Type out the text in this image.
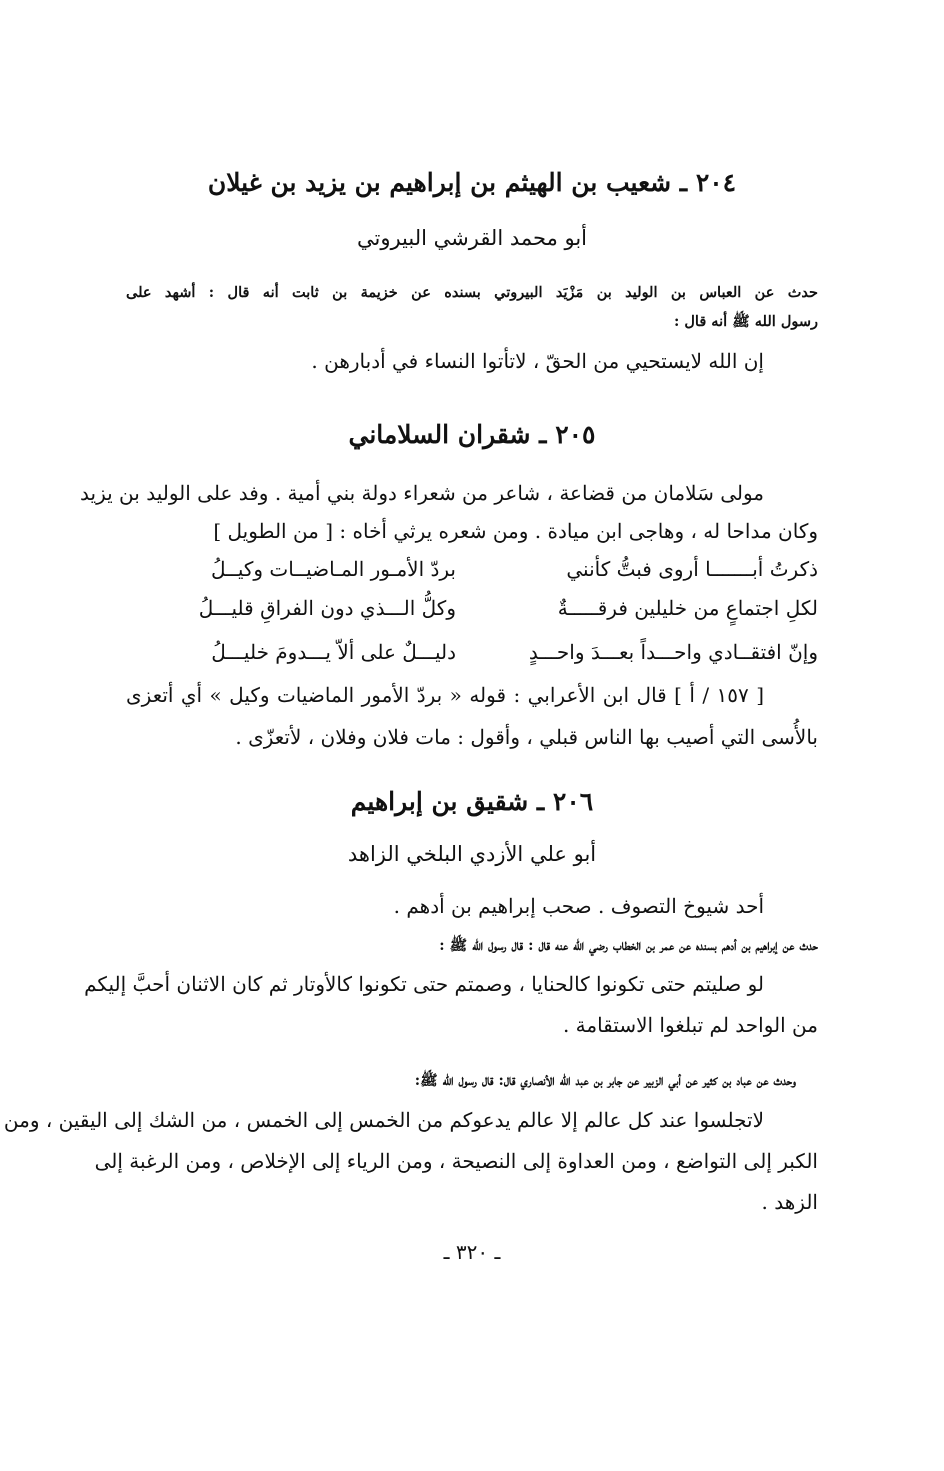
٢٠٤ ـ شعيب بن الهيثم بن إبراهيم بن يزيد بن غيلان
أبو محمد القرشي البيروتي
حدث عن العباس بن الوليد بن مَزْيَد البيروتي بسنده عن خزيمة بن ثابت أنه قال : أشهد على
رسول الله ﷺ أنه قال :
إن الله لايستحيي من الحقّ ، لاتأتوا النساء في أدبارهن .
٢٠٥ ـ شقران السلاماني
مولى سَلامان من قضاعة ، شاعر من شعراء دولة بني أمية . وفد على الوليد بن يزيد
وكان مداحا له ، وهاجى ابن ميادة . ومن شعره يرثي أخاه : [ من الطويل ]
ذكرتُ أبـــــــا أروى فبتُّ كأنني
بردّ الأمـور المـاضيــات وكيــلُ
لكلِ اجتماعٍ من خليلين فرقـــــةٌ
وكلُّ الـــذي دون الفراقِ قليـــلُ
وإنّ افتقــادي واحـــداً بعـــدَ واحـــدٍ
دليـــلٌ على ألاّ يـــدومَ خليـــلُ
[ ١٥٧ / أ ] قال ابن الأعرابي : قوله « بردّ الأمور الماضيات وكيل » أي أتعزى
بالأُسى التي أصيب بها الناس قبلي ، وأقول : مات فلان وفلان ، لأتعزّى .
٢٠٦ ـ شقيق بن إبراهيم
أبو علي الأزدي البلخي الزاهد
أحد شيوخ التصوف . صحب إبراهيم بن أدهم .
حدث عن إبراهيم بن أدهم بسنده عن عمر بن الخطاب رضي الله عنه قال : قال رسول الله ﷺ :
لو صليتم حتى تكونوا كالحنايا ، وصمتم حتى تكونوا كالأوتار ثم كان الاثنان أحبَّ إليكم
من الواحد لم تبلغوا الاستقامة .
وحدث عن عباد بن كثير عن أبي الزبير عن جابر بن عبد الله الأنصاري قال: قال رسول الله ﷺ:
لاتجلسوا عند كل عالم إلا عالم يدعوكم من الخمس إلى الخمس ، من الشك إلى اليقين ، ومن
الكبر إلى التواضع ، ومن العداوة إلى النصيحة ، ومن الرياء إلى الإخلاص ، ومن الرغبة إلى
الزهد .
ـ ٣٢٠ ـ
